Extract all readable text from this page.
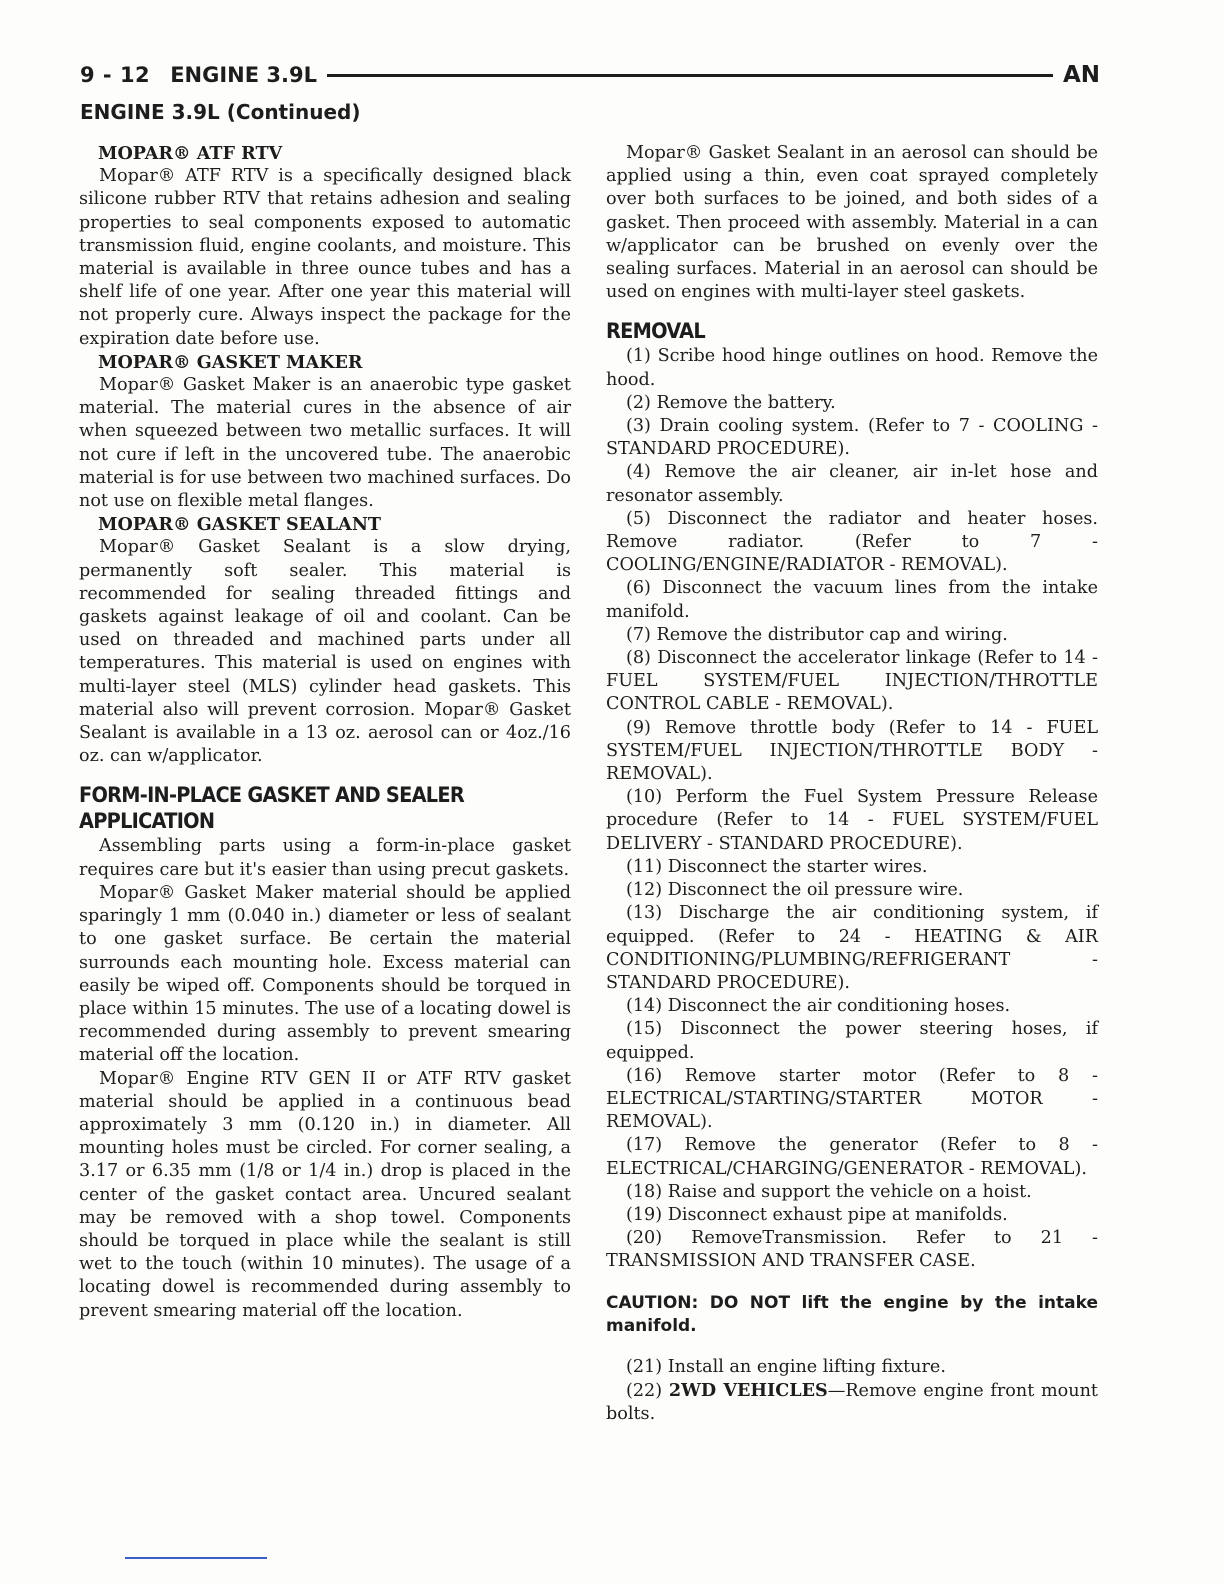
9 - 12 ENGINE 3.9L	AN
ENGINE 3.9L (Continued)
MOPAR® ATF RTV

Mopar® ATF RTV is a specifically designed black silicone rubber RTV that retains adhesion and sealing properties to seal components exposed to automatic transmission fluid, engine coolants, and moisture. This material is available in three ounce tubes and has a shelf life of one year. After one year this material will not properly cure. Always inspect the package for the expiration date before use.

MOPAR® GASKET MAKER

Mopar® Gasket Maker is an anaerobic type gasket material. The material cures in the absence of air when squeezed between two metallic surfaces. It will not cure if left in the uncovered tube. The anaerobic material is for use between two machined surfaces. Do not use on flexible metal flanges.

MOPAR® GASKET SEALANT

Mopar® Gasket Sealant is a slow drying, permanently soft sealer. This material is recommended for sealing threaded fittings and gaskets against leakage of oil and coolant. Can be used on threaded and machined parts under all temperatures. This material is used on engines with multi-layer steel (MLS) cylinder head gaskets. This material also will prevent corrosion. Mopar® Gasket Sealant is available in a 13 oz. aerosol can or 4oz./16 oz. can w/applicator.

FORM-IN-PLACE GASKET AND SEALER APPLICATION

Assembling parts using a form-in-place gasket requires care but it's easier than using precut gaskets.

Mopar® Gasket Maker material should be applied sparingly 1 mm (0.040 in.) diameter or less of sealant to one gasket surface. Be certain the material surrounds each mounting hole. Excess material can easily be wiped off. Components should be torqued in place within 15 minutes. The use of a locating dowel is recommended during assembly to prevent smearing material off the location.

Mopar® Engine RTV GEN II or ATF RTV gasket material should be applied in a continuous bead approximately 3 mm (0.120 in.) in diameter. All mounting holes must be circled. For corner sealing, a 3.17 or 6.35 mm (1/8 or 1/4 in.) drop is placed in the center of the gasket contact area. Uncured sealant may be removed with a shop towel. Components should be torqued in place while the sealant is still wet to the touch (within 10 minutes). The usage of a locating dowel is recommended during assembly to prevent smearing material off the location.

Mopar® Gasket Sealant in an aerosol can should be applied using a thin, even coat sprayed completely over both surfaces to be joined, and both sides of a gasket. Then proceed with assembly. Material in a can w/applicator can be brushed on evenly over the sealing surfaces. Material in an aerosol can should be used on engines with multi-layer steel gaskets.

REMOVAL

(1) Scribe hood hinge outlines on hood. Remove the hood.

(2) Remove the battery.

(3) Drain cooling system. (Refer to 7 - COOLING - STANDARD PROCEDURE).

(4) Remove the air cleaner, air in-let hose and resonator assembly.

(5) Disconnect the radiator and heater hoses. Remove radiator. (Refer to 7 - COOLING/ENGINE/RADIATOR - REMOVAL).

(6) Disconnect the vacuum lines from the intake manifold.

(7) Remove the distributor cap and wiring.

(8) Disconnect the accelerator linkage (Refer to 14 - FUEL SYSTEM/FUEL INJECTION/THROTTLE CONTROL CABLE - REMOVAL).

(9) Remove throttle body (Refer to 14 - FUEL SYSTEM/FUEL INJECTION/THROTTLE BODY - REMOVAL).

(10) Perform the Fuel System Pressure Release procedure (Refer to 14 - FUEL SYSTEM/FUEL DELIVERY - STANDARD PROCEDURE).

(11) Disconnect the starter wires.

(12) Disconnect the oil pressure wire.

(13) Discharge the air conditioning system, if equipped. (Refer to 24 - HEATING & AIR CONDITIONING/PLUMBING/REFRIGERANT - STANDARD PROCEDURE).

(14) Disconnect the air conditioning hoses.

(15) Disconnect the power steering hoses, if equipped.

(16) Remove starter motor (Refer to 8 - ELECTRICAL/STARTING/STARTER MOTOR - REMOVAL).

(17) Remove the generator (Refer to 8 - ELECTRICAL/CHARGING/GENERATOR - REMOVAL).

(18) Raise and support the vehicle on a hoist.

(19) Disconnect exhaust pipe at manifolds.

(20) RemoveTransmission. Refer to 21 - TRANSMISSION AND TRANSFER CASE.

CAUTION: DO NOT lift the engine by the intake manifold.

(21) Install an engine lifting fixture.

(22) 2WD VEHICLES—Remove engine front mount bolts.
